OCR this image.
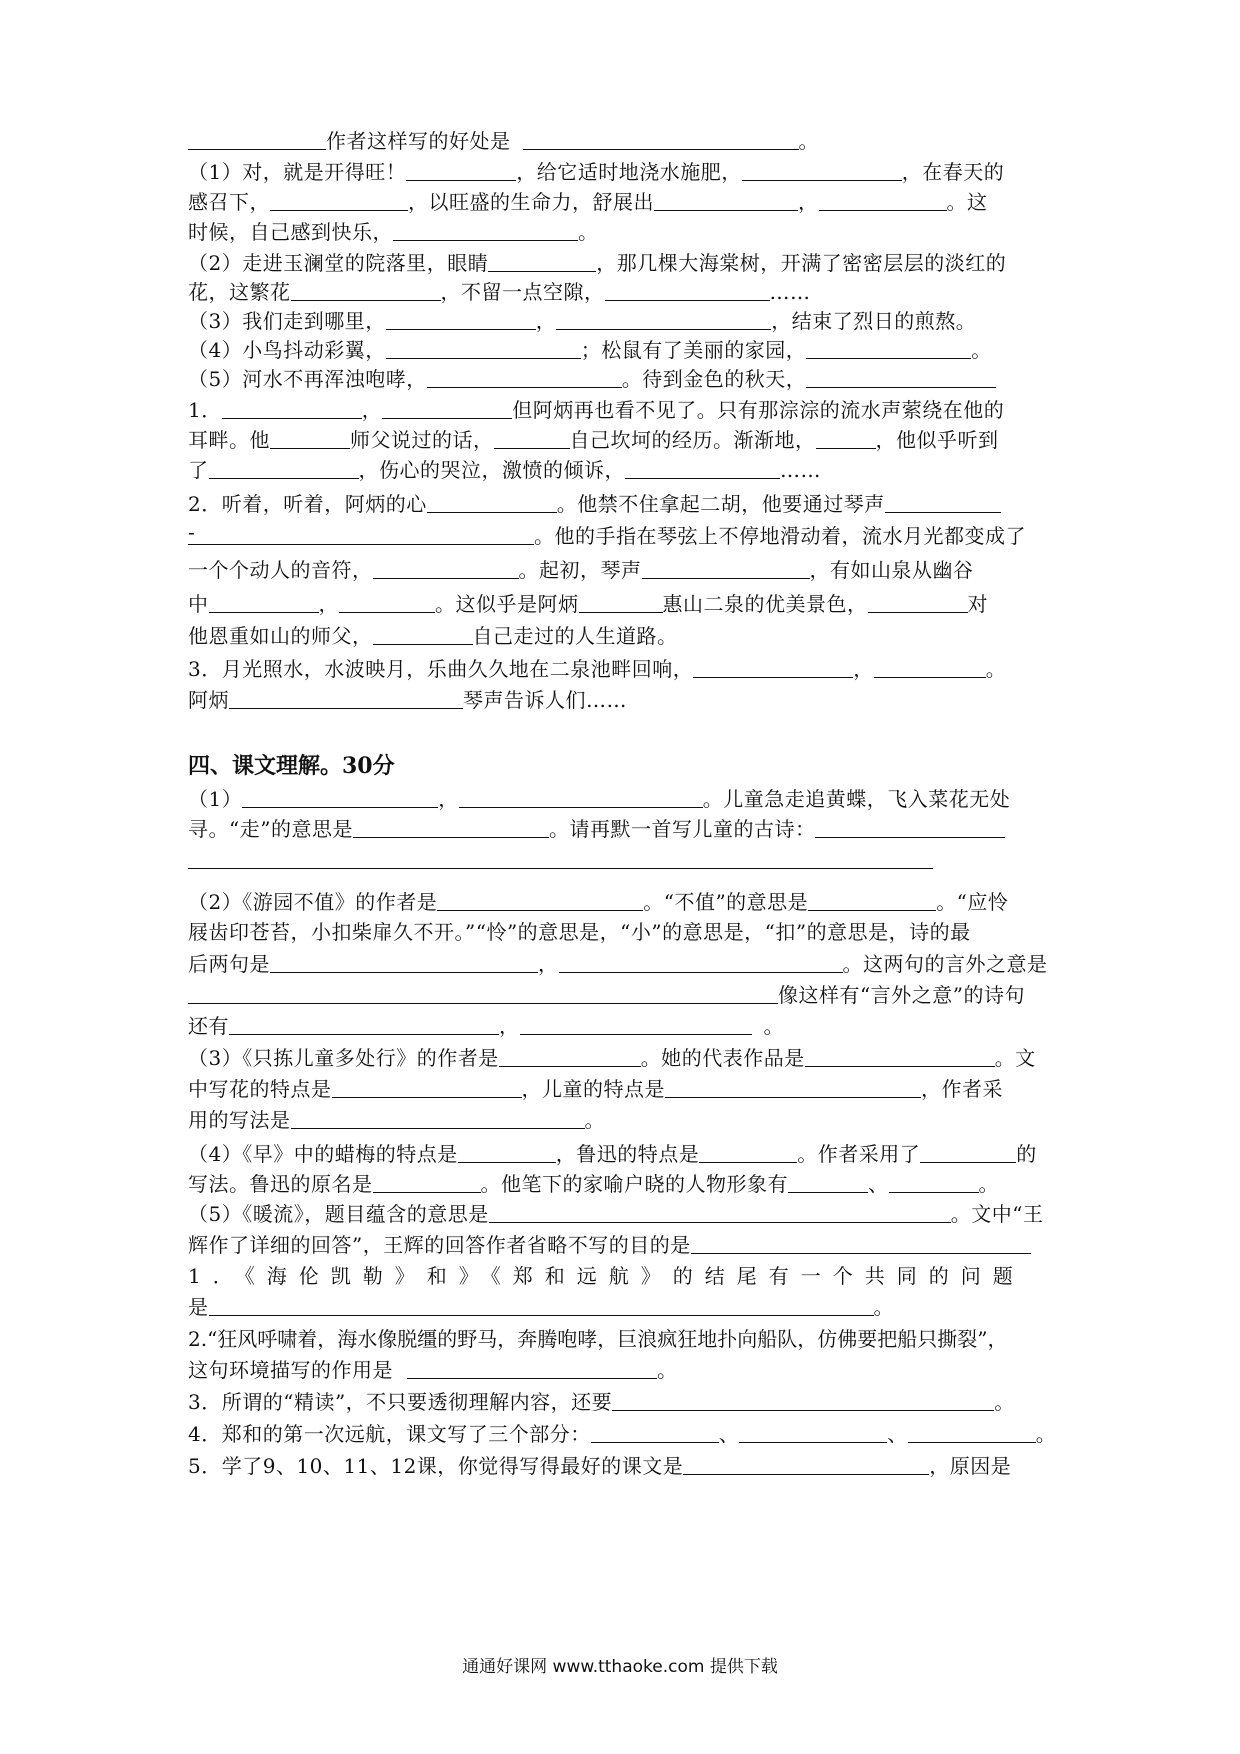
作者这样写的好处是	。
（1）对，就是开得旺！	，给它适时地浇水施肥，	，在春天的
感召下，	，以旺盛的生命力，舒展出	，	。这
时候，自己感到快乐，	。
（2）走进玉澜堂的院落里，眼睛	，那几棵大海棠树，开满了密密层层的淡红的
花，这繁花	，不留一点空隙，	……
（3）我们走到哪里，	，	，结束了烈日的煎熬。
（4）小鸟抖动彩翼，	；松鼠有了美丽的家园，	。
（5）河水不再浑浊咆哮，	。待到金色的秋天，
1．	，	但阿炳再也看不见了。只有那淙淙的流水声萦绕在他的
耳畔。他	师父说过的话，	自己坎坷的经历。渐渐地，	，他似乎听到
了	，伤心的哭泣，激愤的倾诉，	……
2．听着，听着，阿炳的心	。他禁不住拿起二胡，他要通过琴声
-	。他的手指在琴弦上不停地滑动着，流水月光都变成了
一个个动人的音符，	。起初，琴声	，有如山泉从幽谷
中	，	。这似乎是阿炳	惠山二泉的优美景色，	对
他恩重如山的师父，	自己走过的人生道路。
3．月光照水，水波映月，乐曲久久地在二泉池畔回响，	，	。
阿炳	琴声告诉人们……
四、课文理解。30分
（1）	，	。儿童急走追黄蝶，飞入菜花无处
寻。“走”的意思是	。请再默一首写儿童的古诗：
（2）《游园不值》的作者是	。“不值”的意思是	。“应怜
屐齿印苍苔，小扣柴扉久不开。”“怜”的意思是，“小”的意思是，“扣”的意思是，诗的最
后两句是	，	。这两句的言外之意是
像这样有“言外之意”的诗句
还有	，	。
（3）《只拣儿童多处行》的作者是	。她的代表作品是	。文
中写花的特点是	，儿童的特点是	，作者采
用的写法是	。
（4）《早》中的蜡梅的特点是	，鲁迅的特点是	。作者采用了	的
写法。鲁迅的原名是	。他笔下的家喻户晓的人物形象有	、	。
（5）《暖流》，题目蕴含的意思是	。文中“王
辉作了详细的回答”，王辉的回答作者省略不写的目的是
1．《海伦凯勒》和》《郑和远航》的结尾有一个共同的问题
是	。
2.“狂风呼啸着，海水像脱缰的野马，奔腾咆哮，巨浪疯狂地扑向船队，仿佛要把船只撕裂”，
这句环境描写的作用是	。
3．所谓的“精读”，不只要透彻理解内容，还要	。
4．郑和的第一次远航，课文写了三个部分：	、	、	。
5．学了9、10、11、12课，你觉得写得最好的课文是	，原因是
通通好课网 www.tthaoke.com 提供下载
